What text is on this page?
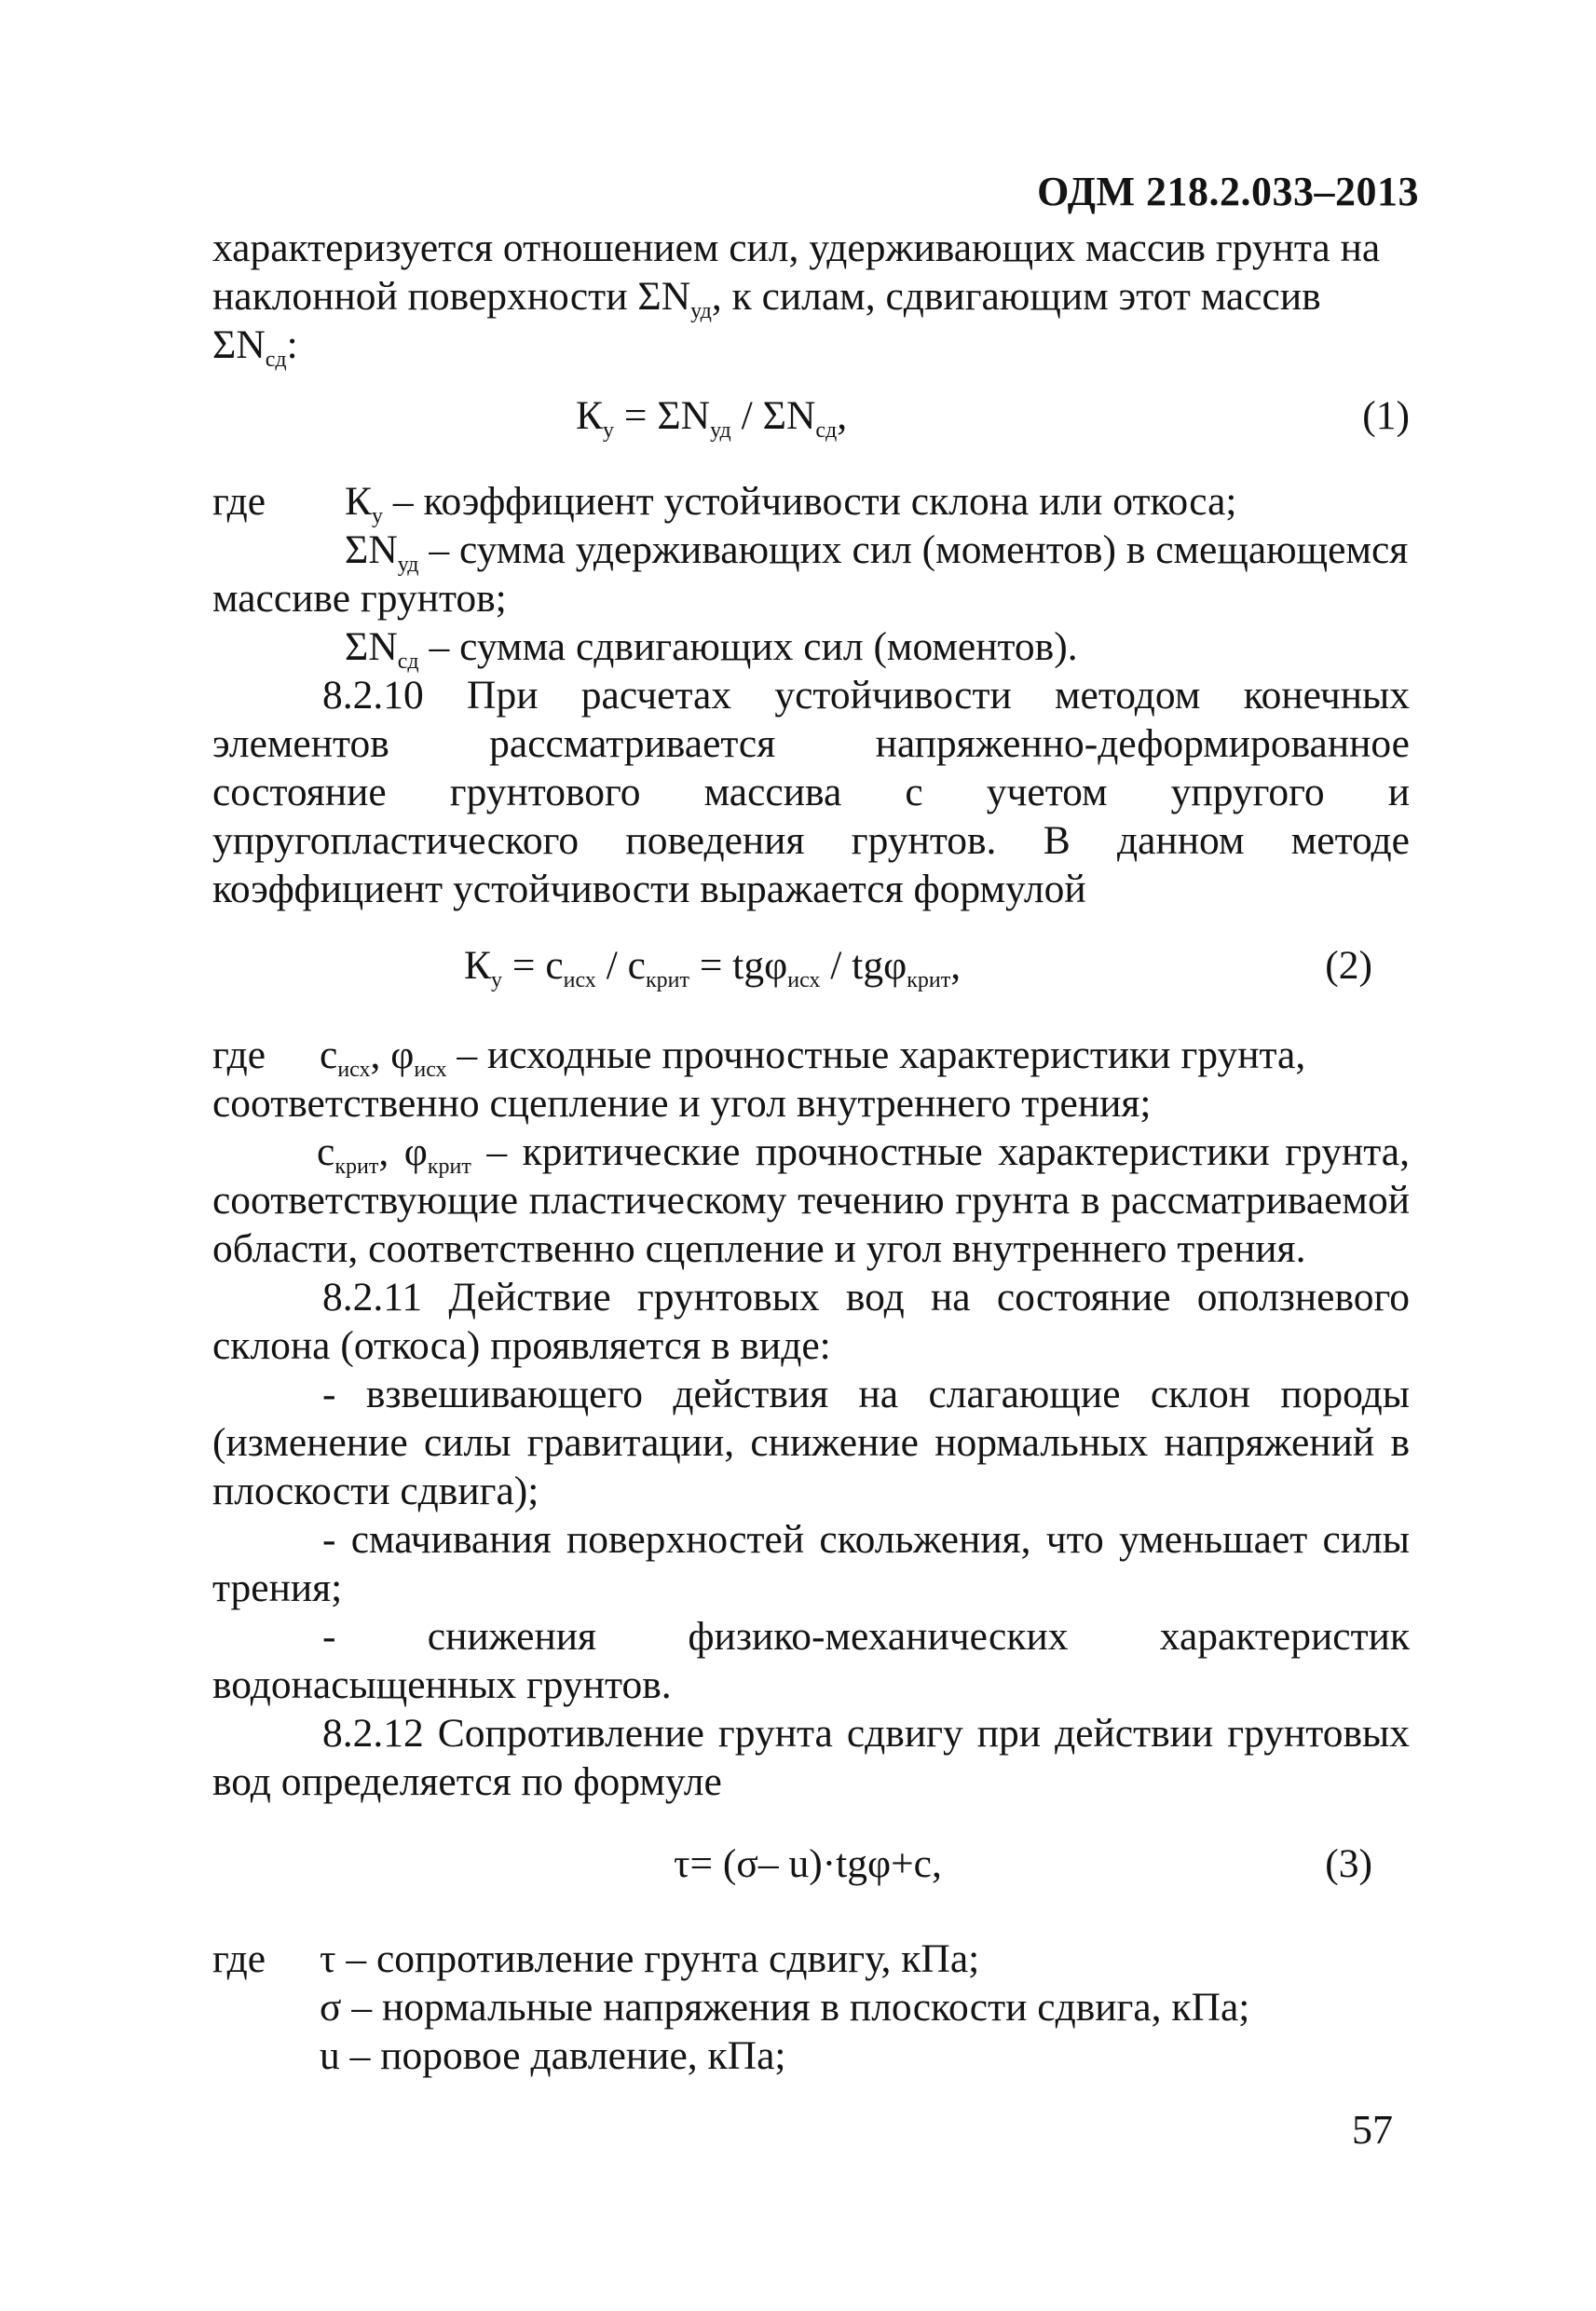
ОДМ 218.2.033–2013

характеризуется отношением сил, удерживающих массив грунта на

наклонной поверхности $\Sigma N_{уд}$, к силам, сдвигающим этот массив $\Sigma N_{сд}$:

$К_у = \Sigma N_{уд} / \Sigma N_{сд}$,	(1)
где	$К_у$ – коэффициент устойчивости склона или откоса;

$\Sigma N_{уд}$ – сумма удерживающих сил (моментов) в смещающемся

массиве грунтов;

$\Sigma N_{сд}$ – сумма сдвигающих сил (моментов).

8.2.10 При расчетах устойчивости методом конечных элементов рассматривается напряженно-деформированное состояние грунтового массива с учетом упругого и упругопластического поведения грунтов. В данном методе коэффициент устойчивости выражается формулой

$К_у = с_{исх} / с_{крит} = tg\varphi_{исх} / tg\varphi_{крит}$,	(2)
где	$с_{исх}$, $\varphi_{исх}$ – исходные прочностные характеристики грунта,

соответственно сцепление и угол внутреннего трения;

$с_{крит}$, $\varphi_{крит}$ – критические прочностные характеристики грунта, соответствующие пластическому течению грунта в рассматриваемой области, соответственно сцепление и угол внутреннего трения.

8.2.11 Действие грунтовых вод на состояние оползневого склона (откоса) проявляется в виде:

- взвешивающего действия на слагающие склон породы (изменение силы гравитации, снижение нормальных напряжений в плоскости сдвига);

- смачивания поверхностей скольжения, что уменьшает силы трения;

- снижения физико-механических характеристик водонасыщенных грунтов.

8.2.12 Сопротивление грунта сдвигу при действии грунтовых вод определяется по формуле

τ= (σ– u)·tgφ+c,	(3)
где	τ – сопротивление грунта сдвигу, кПа;

σ – нормальные напряжения в плоскости сдвига, кПа;

u – поровое давление, кПа;

57
